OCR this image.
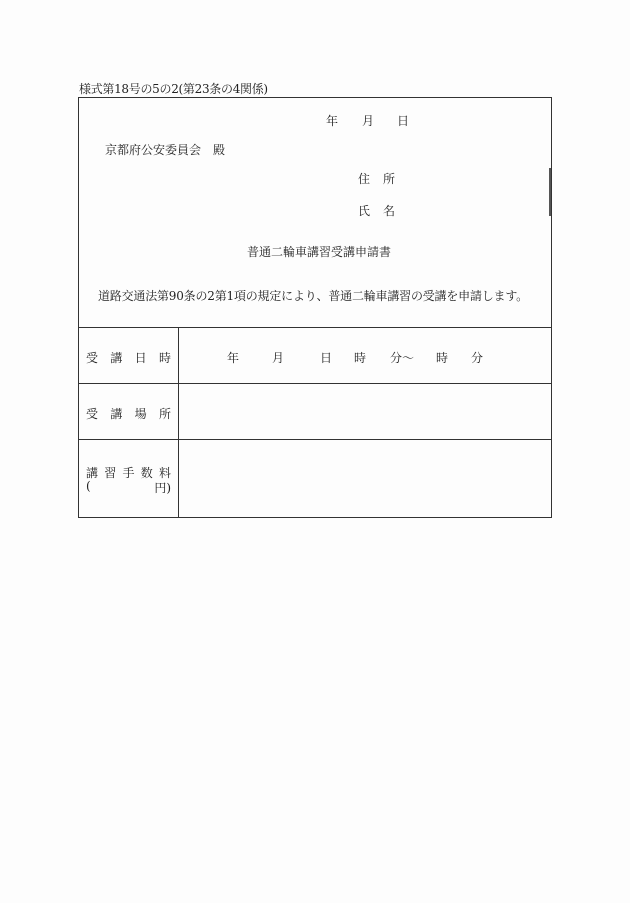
様式第18号の5の2(第23条の4関係)
年 月 日
京都府公安委員会　殿
住 所
氏 名
普通二輪車講習受講申請書
道路交通法第90条の2第1項の規定により、普通二輪車講習の受講を申請します。
受 講 日 時	年	月	日 時 分〜 時 分
受 講 場 所
講 習 手 数 料
(	円)
